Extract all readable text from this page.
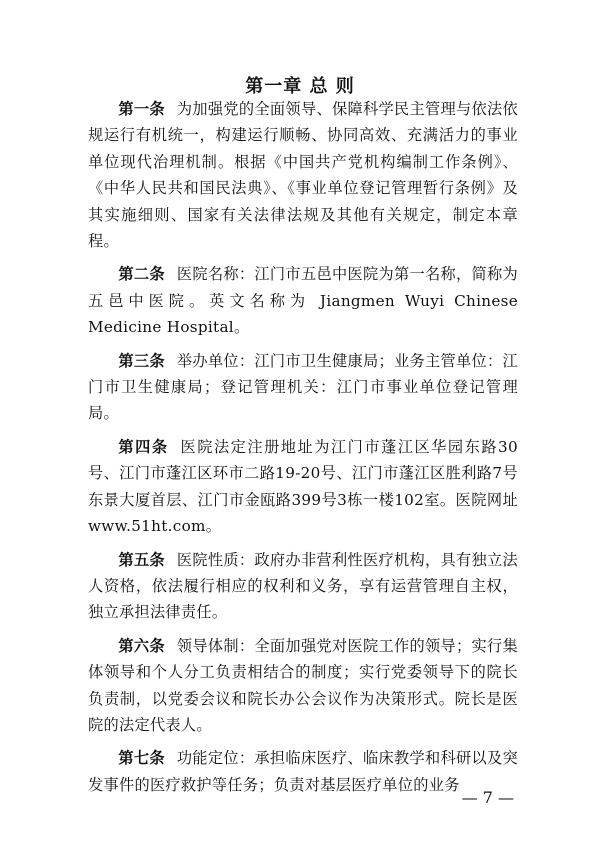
第一章 总 则

第一条 为加强党的全面领导、保障科学民主管理与依法依规运行有机统一，构建运行顺畅、协同高效、充满活力的事业单位现代治理机制。根据《中国共产党机构编制工作条例》、《中华人民共和国民法典》、《事业单位登记管理暂行条例》及其实施细则、国家有关法律法规及其他有关规定，制定本章程。

第二条 医院名称：江门市五邑中医院为第一名称，简称为五邑中医院。英文名称为 Jiangmen Wuyi Chinese Medicine Hospital。

第三条 举办单位：江门市卫生健康局；业务主管单位：江门市卫生健康局；登记管理机关：江门市事业单位登记管理局。

第四条 医院法定注册地址为江门市蓬江区华园东路30号、江门市蓬江区环市二路19-20号、江门市蓬江区胜利路7号东景大厦首层、江门市金瓯路399号3栋一楼102室。医院网址www.51ht.com。

第五条 医院性质：政府办非营利性医疗机构，具有独立法人资格，依法履行相应的权利和义务，享有运营管理自主权，独立承担法律责任。

第六条 领导体制：全面加强党对医院工作的领导；实行集体领导和个人分工负责相结合的制度；实行党委领导下的院长负责制，以党委会议和院长办公会议作为决策形式。院长是医院的法定代表人。

第七条 功能定位：承担临床医疗、临床教学和科研以及突发事件的医疗救护等任务；负责对基层医疗单位的业务

— 7 —
